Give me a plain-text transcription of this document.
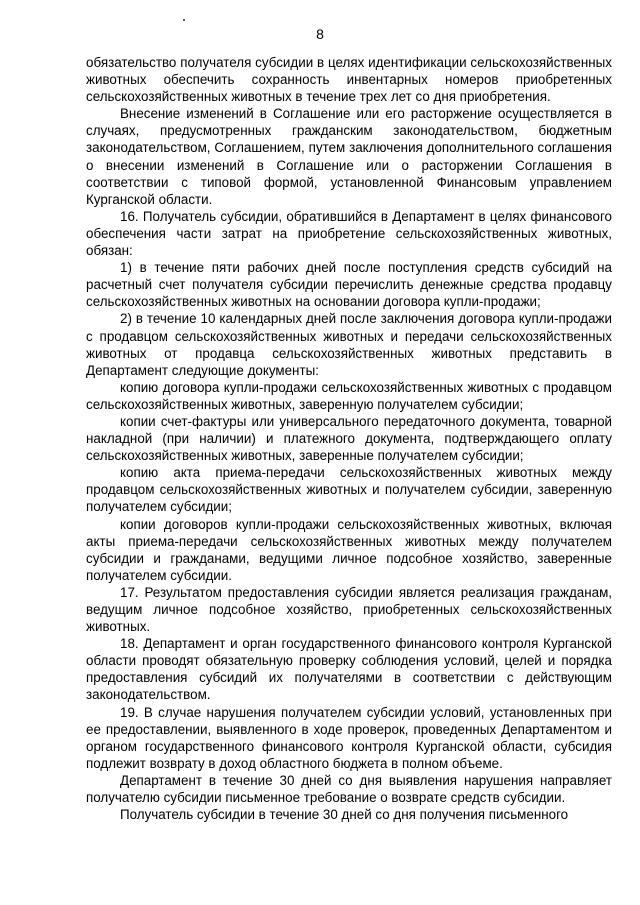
8

обязательство получателя субсидии в целях идентификации сельскохозяйственных животных обеспечить сохранность инвентарных номеров приобретенных сельскохозяйственных животных в течение трех лет со дня приобретения.

Внесение изменений в Соглашение или его расторжение осуществляется в случаях, предусмотренных гражданским законодательством, бюджетным законодательством, Соглашением, путем заключения дополнительного соглашения о внесении изменений в Соглашение или о расторжении Соглашения в соответствии с типовой формой, установленной Финансовым управлением Курганской области.

16. Получатель субсидии, обратившийся в Департамент в целях финансового обеспечения части затрат на приобретение сельскохозяйственных животных, обязан:

1) в течение пяти рабочих дней после поступления средств субсидий на расчетный счет получателя субсидии перечислить денежные средства продавцу сельскохозяйственных животных на основании договора купли-продажи;

2) в течение 10 календарных дней после заключения договора купли-продажи с продавцом сельскохозяйственных животных и передачи сельскохозяйственных животных от продавца сельскохозяйственных животных представить в Департамент следующие документы:

копию договора купли-продажи сельскохозяйственных животных с продавцом сельскохозяйственных животных, заверенную получателем субсидии;

копии счет-фактуры или универсального передаточного документа, товарной накладной (при наличии) и платежного документа, подтверждающего оплату сельскохозяйственных животных, заверенные получателем субсидии;

копию акта приема-передачи сельскохозяйственных животных между продавцом сельскохозяйственных животных и получателем субсидии, заверенную получателем субсидии;

копии договоров купли-продажи сельскохозяйственных животных, включая акты приема-передачи сельскохозяйственных животных между получателем субсидии и гражданами, ведущими личное подсобное хозяйство, заверенные получателем субсидии.

17. Результатом предоставления субсидии является реализация гражданам, ведущим личное подсобное хозяйство, приобретенных сельскохозяйственных животных.

18. Департамент и орган государственного финансового контроля Курганской области проводят обязательную проверку соблюдения условий, целей и порядка предоставления субсидий их получателями в соответствии с действующим законодательством.

19. В случае нарушения получателем субсидии условий, установленных при ее предоставлении, выявленного в ходе проверок, проведенных Департаментом и органом государственного финансового контроля Курганской области, субсидия подлежит возврату в доход областного бюджета в полном объеме.

Департамент в течение 30 дней со дня выявления нарушения направляет получателю субсидии письменное требование о возврате средств субсидии.

Получатель субсидии в течение 30 дней со дня получения письменного
